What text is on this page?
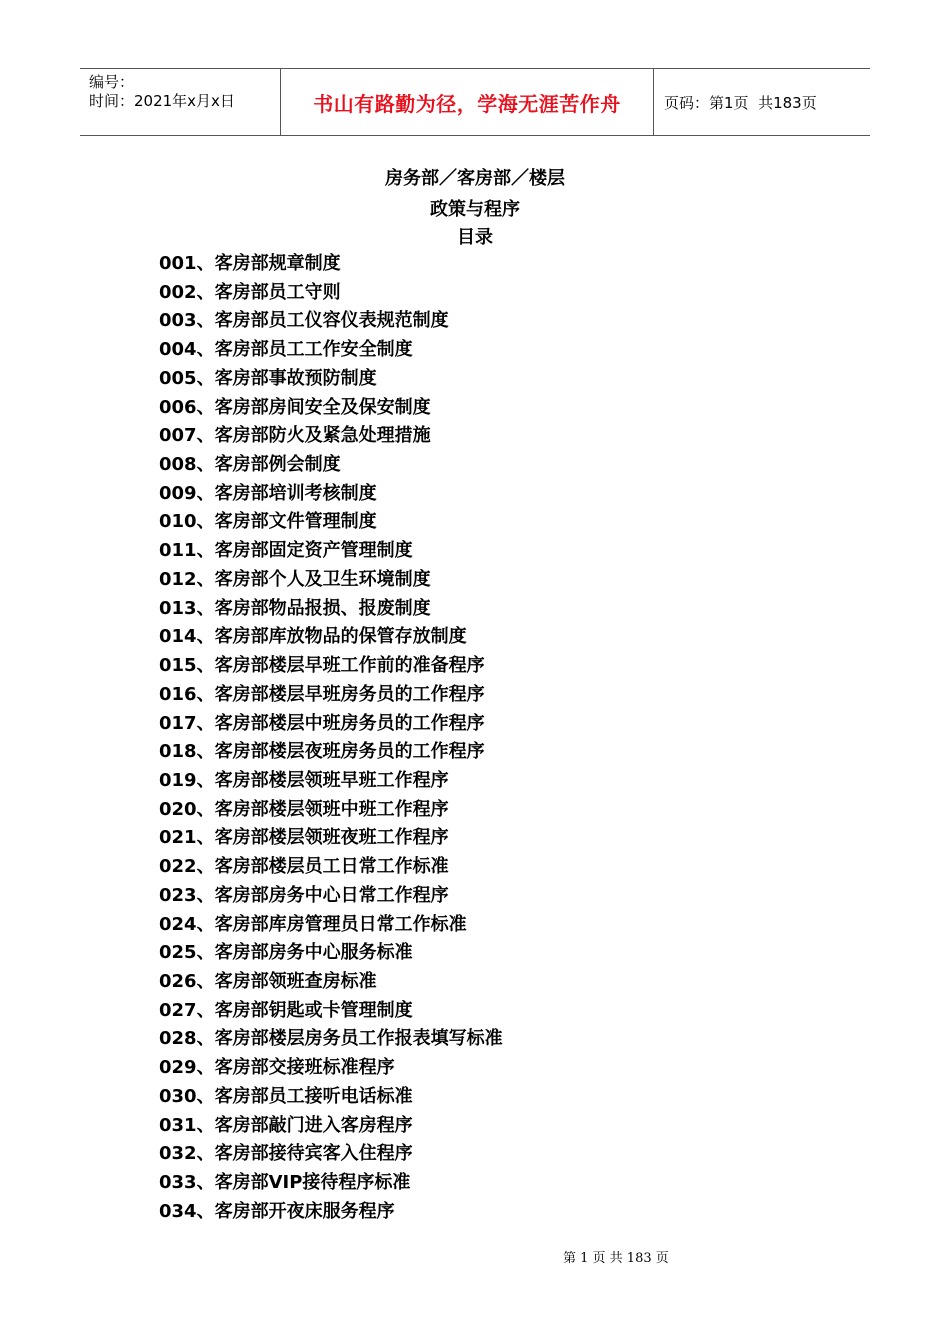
编号：
时间：2021年x月x日	书山有路勤为径，学海无涯苦作舟	页码：第1页  共183页
房务部／客房部／楼层
政策与程序
目录
001、客房部规章制度
002、客房部员工守则
003、客房部员工仪容仪表规范制度
004、客房部员工工作安全制度
005、客房部事故预防制度
006、客房部房间安全及保安制度
007、客房部防火及紧急处理措施
008、客房部例会制度
009、客房部培训考核制度
010、客房部文件管理制度
011、客房部固定资产管理制度
012、客房部个人及卫生环境制度
013、客房部物品报损、报废制度
014、客房部库放物品的保管存放制度
015、客房部楼层早班工作前的准备程序
016、客房部楼层早班房务员的工作程序
017、客房部楼层中班房务员的工作程序
018、客房部楼层夜班房务员的工作程序
019、客房部楼层领班早班工作程序
020、客房部楼层领班中班工作程序
021、客房部楼层领班夜班工作程序
022、客房部楼层员工日常工作标准
023、客房部房务中心日常工作程序
024、客房部库房管理员日常工作标准
025、客房部房务中心服务标准
026、客房部领班查房标准
027、客房部钥匙或卡管理制度
028、客房部楼层房务员工作报表填写标准
029、客房部交接班标准程序
030、客房部员工接听电话标准
031、客房部敲门进入客房程序
032、客房部接待宾客入住程序
033、客房部VIP接待程序标准
034、客房部开夜床服务程序
第 1 页 共 183 页
